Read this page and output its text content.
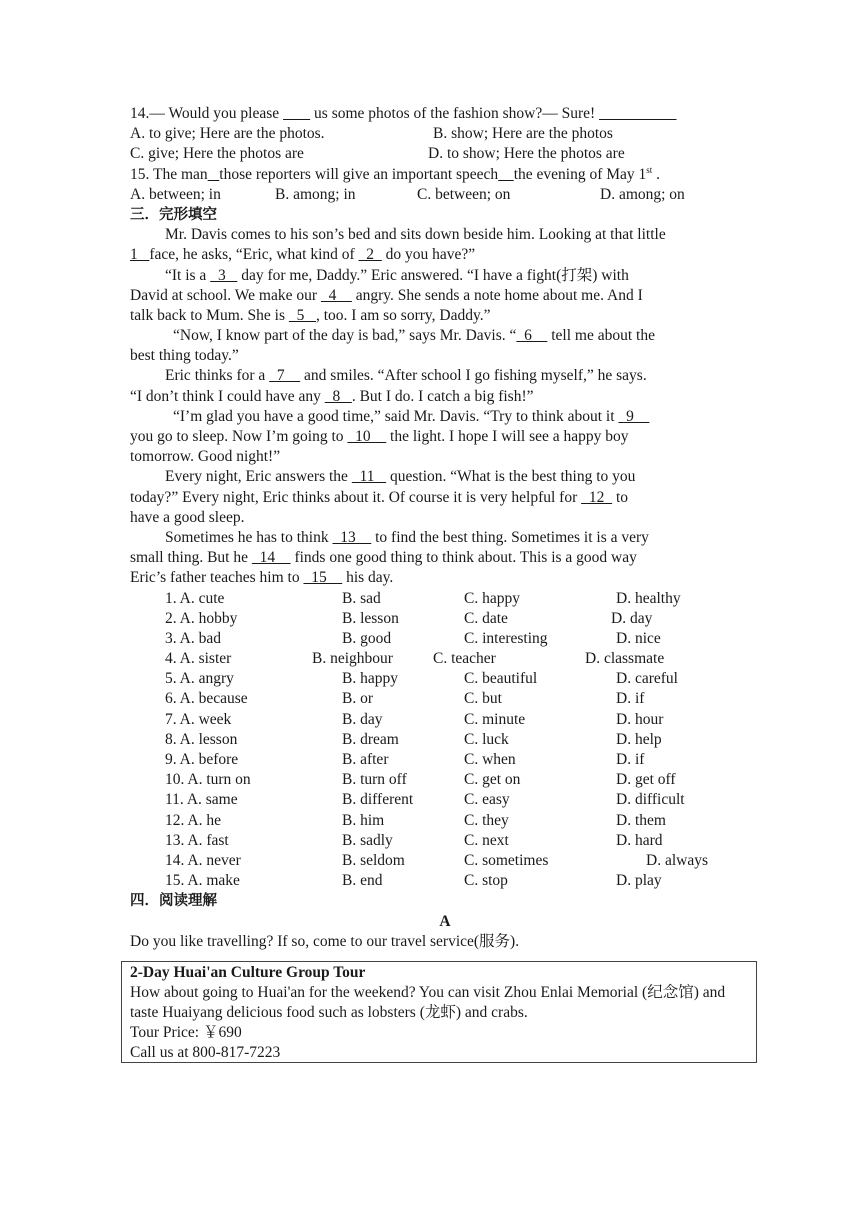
14.— Would you please         us some photos of the fashion show?— Sure!
A. to give; Here are the photos.	B. show; Here are the photos
C. give; Here the photos are	D. to show; Here the photos are
15. The man those reporters will give an important speech the evening of May 1st .
A. between; in	B. among; in	C. between; on	D. among; on
三．完形填空
Mr. Davis comes to his son’s bed and sits down beside him. Looking at that little
1   face, he asks, “Eric, what kind of   2   do you have?”
“It is a   3    day for me, Daddy.” Eric answered. “I have a fight(打架) with
David at school. We make our   4     angry. She sends a note home about me. And I
talk back to Mum. She is   5   , too. I am so sorry, Daddy.”
“Now, I know part of the day is bad,” says Mr. Davis. “  6     tell me about the
best thing today.”
Eric thinks for a   7     and smiles. “After school I go fishing myself,” he says.
“I don’t think I could have any   8   . But I do. I catch a big fish!”
“I’m glad you have a good time,” said Mr. Davis. “Try to think about it   9
you go to sleep. Now I’m going to   10     the light. I hope I will see a happy boy
tomorrow. Good night!”
Every night, Eric answers the   11    question. “What is the best thing to you
today?” Every night, Eric thinks about it. Of course it is very helpful for   12   to
have a good sleep.
Sometimes he has to think   13     to find the best thing. Sometimes it is a very
small thing. But he   14     finds one good thing to think about. This is a good way
Eric’s father teaches him to   15     his day.
1. A. cute	B. sad	C. happy	D. healthy
2. A. hobby	B. lesson	C. date	D. day
3. A. bad	B. good	C. interesting	D. nice
4. A. sister	B. neighbour	C. teacher	D. classmate
5. A. angry	B. happy	C. beautiful	D. careful
6. A. because	B. or	C. but	D. if
7. A. week	B. day	C. minute	D. hour
8. A. lesson	B. dream	C. luck	D. help
9. A. before	B. after	C. when	D. if
10. A. turn on	B. turn off	C. get on	D. get off
11. A. same	B. different	C. easy	D. difficult
12. A. he	B. him	C. they	D. them
13. A. fast	B. sadly	C. next	D. hard
14. A. never	B. seldom	C. sometimes	D. always
15. A. make	B. end	C. stop	D. play
四．阅读理解
A
Do you like travelling? If so, come to our travel service(服务).
2-Day Huai'an Culture Group Tour
How about going to Huai'an for the weekend? You can visit Zhou Enlai Memorial (纪念馆) and taste Huaiyang delicious food such as lobsters (龙虾) and crabs.
Tour Price: ￥690
Call us at 800-817-7223
